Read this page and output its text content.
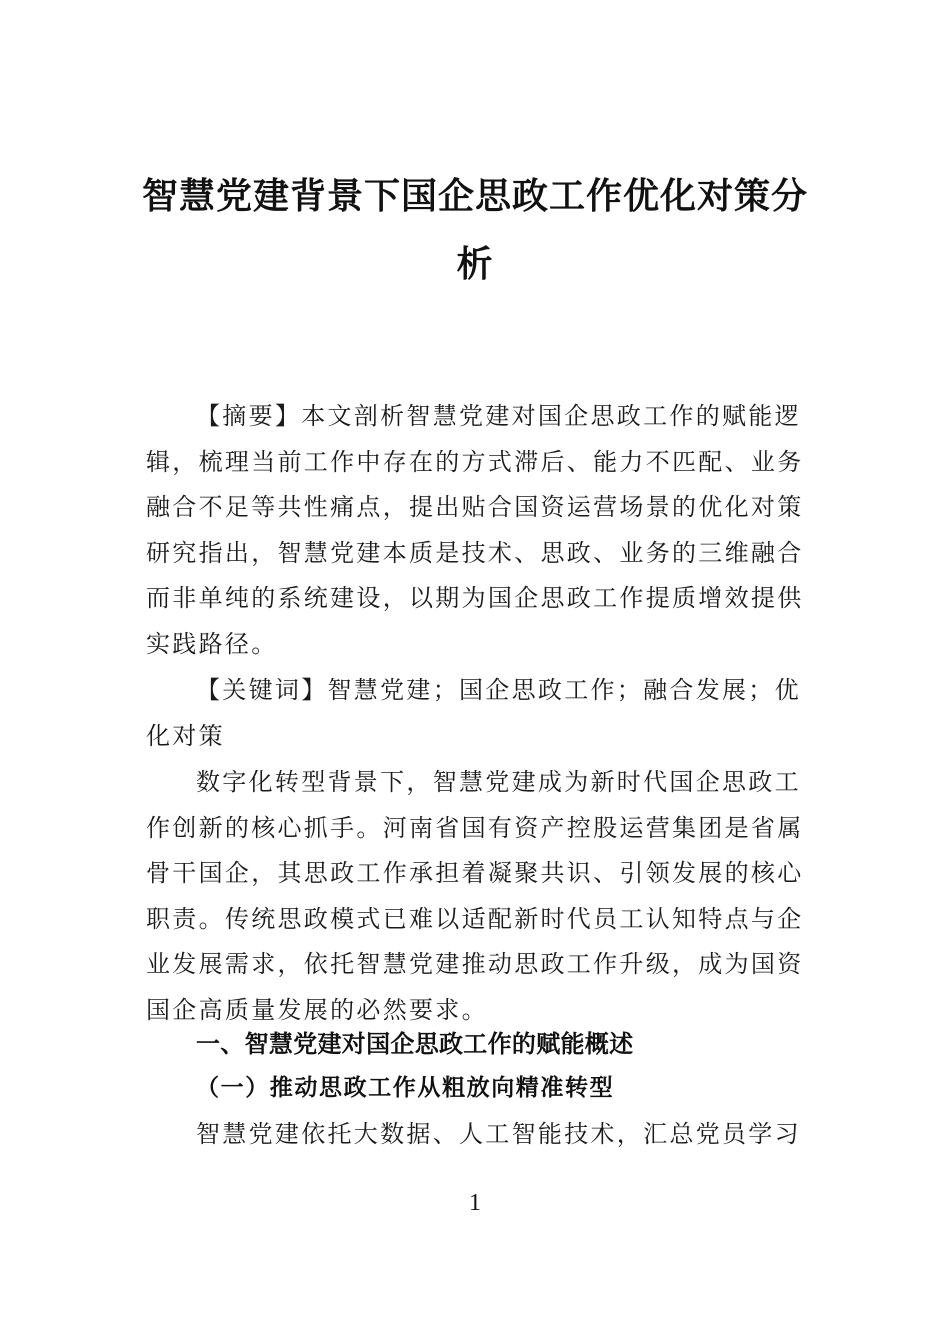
智慧党建背景下国企思政工作优化对策分
析

【摘要】本文剖析智慧党建对国企思政工作的赋能逻
辑，梳理当前工作中存在的方式滞后、能力不匹配、业务
融合不足等共性痛点，提出贴合国资运营场景的优化对策
研究指出，智慧党建本质是技术、思政、业务的三维融合
而非单纯的系统建设，以期为国企思政工作提质增效提供
实践路径。

【关键词】智慧党建；国企思政工作；融合发展；优
化对策

数字化转型背景下，智慧党建成为新时代国企思政工
作创新的核心抓手。河南省国有资产控股运营集团是省属
骨干国企，其思政工作承担着凝聚共识、引领发展的核心
职责。传统思政模式已难以适配新时代员工认知特点与企
业发展需求，依托智慧党建推动思政工作升级，成为国资
国企高质量发展的必然要求。

一、智慧党建对国企思政工作的赋能概述
（一）推动思政工作从粗放向精准转型

智慧党建依托大数据、人工智能技术，汇总党员学习

1
